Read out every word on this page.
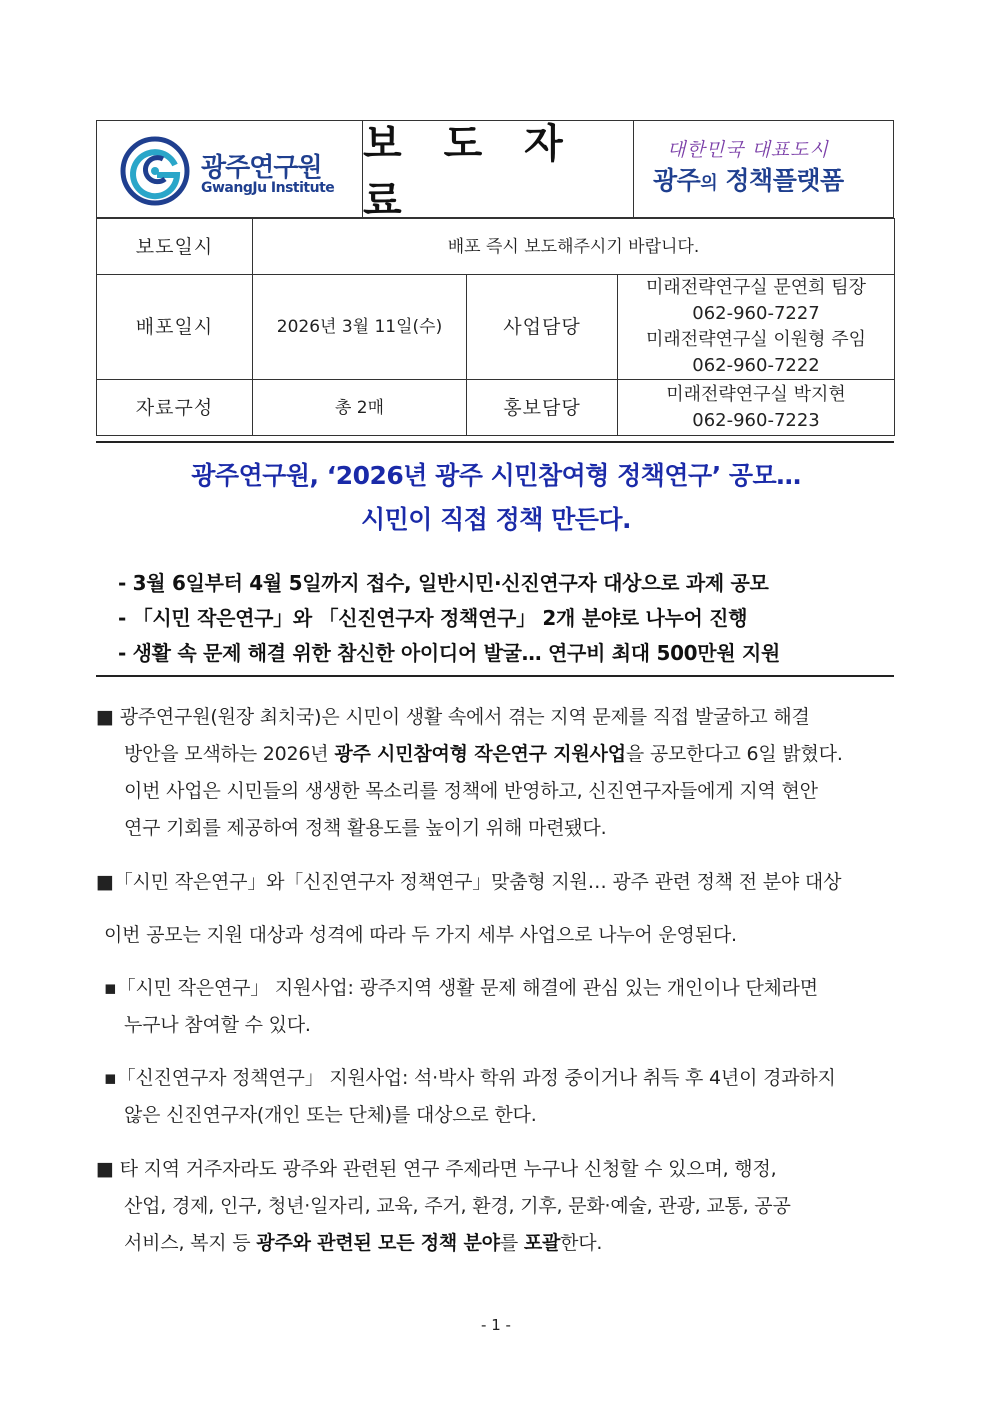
광주연구원
GwangJu Institute
보 도 자 료
대한민국 대표도시
광주의 정책플랫폼
보도일시	배포 즉시 보도해주시기 바랍니다.		
배포일시	2026년 3월 11일(수)	사업담당	미래전략연구실 문연희 팀장
062-960-7227
미래전략연구실 이원형 주임
062-960-7222

자료구성	총 2매	홍보담당	미래전략연구실 박지현
062-960-7223
광주연구원, ‘2026년 광주 시민참여형 정책연구’ 공모…
시민이 직접 정책 만든다.
- 3월 6일부터 4월 5일까지 접수, 일반시민·신진연구자 대상으로 과제 공모
- 「시민 작은연구」와 「신진연구자 정책연구」 2개 분야로 나누어 진행
- 생활 속 문제 해결 위한 참신한 아이디어 발굴… 연구비 최대 500만원 지원
■ 광주연구원(원장 최치국)은 시민이 생활 속에서 겪는 지역 문제를 직접 발굴하고 해결
방안을 모색하는 2026년 광주 시민참여형 작은연구 지원사업을 공모한다고 6일 밝혔다.
이번 사업은 시민들의 생생한 목소리를 정책에 반영하고, 신진연구자들에게 지역 현안
연구 기회를 제공하여 정책 활용도를 높이기 위해 마련됐다.
■「시민 작은연구」와「신진연구자 정책연구」맞춤형 지원… 광주 관련 정책 전 분야 대상
이번 공모는 지원 대상과 성격에 따라 두 가지 세부 사업으로 나누어 운영된다.
▪「시민 작은연구」 지원사업: 광주지역 생활 문제 해결에 관심 있는 개인이나 단체라면
누구나 참여할 수 있다.
▪「신진연구자 정책연구」 지원사업: 석·박사 학위 과정 중이거나 취득 후 4년이 경과하지
않은 신진연구자(개인 또는 단체)를 대상으로 한다.
■ 타 지역 거주자라도 광주와 관련된 연구 주제라면 누구나 신청할 수 있으며, 행정,
산업, 경제, 인구, 청년·일자리, 교육, 주거, 환경, 기후, 문화·예술, 관광, 교통, 공공
서비스, 복지 등 광주와 관련된 모든 정책 분야를 포괄한다.
- 1 -
